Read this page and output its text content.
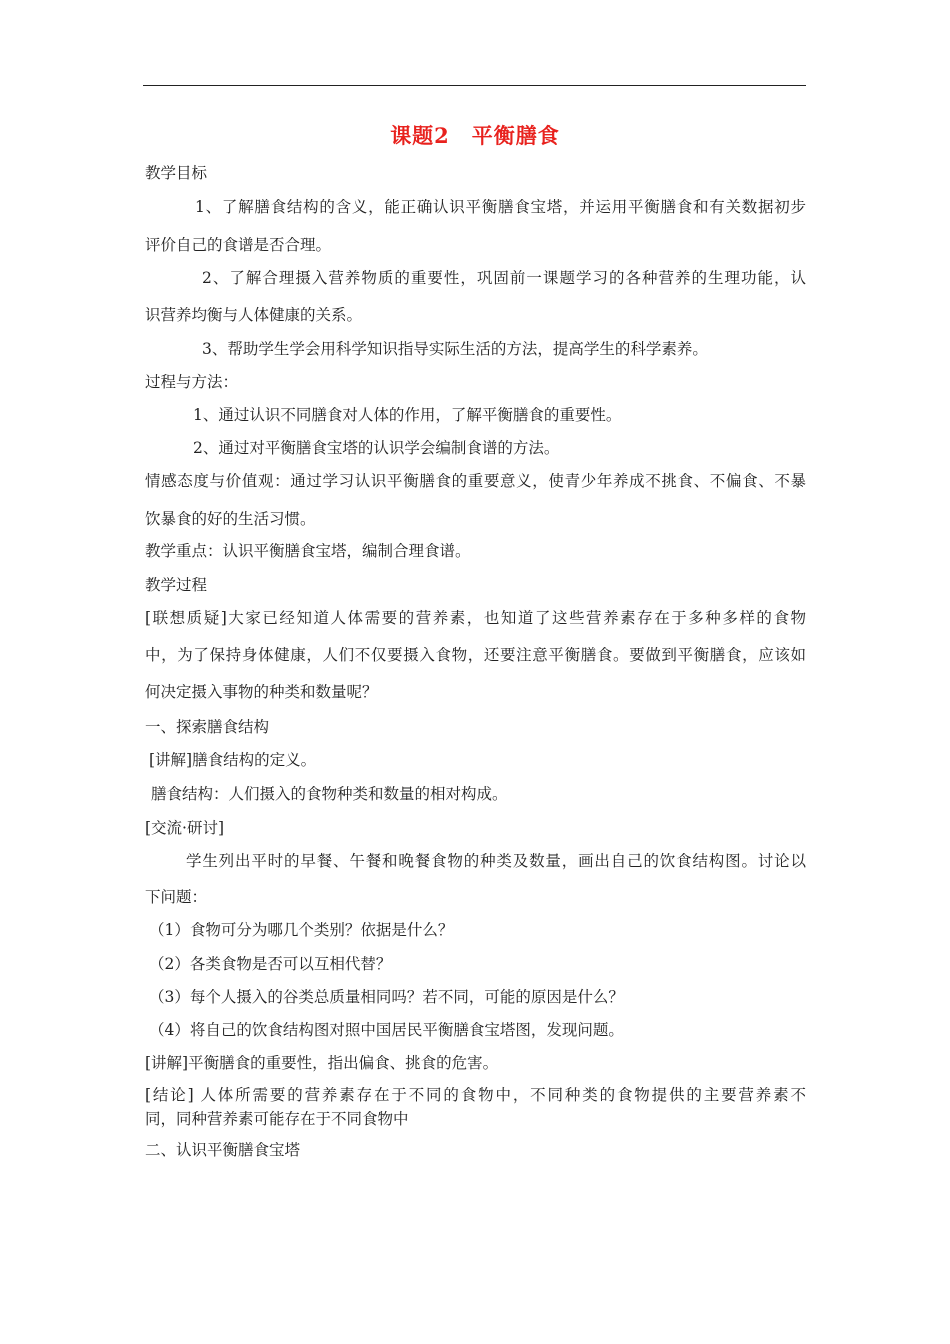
课题2　平衡膳食
教学目标
1、了解膳食结构的含义，能正确认识平衡膳食宝塔，并运用平衡膳食和有关数据初步
评价自己的食谱是否合理。
2、了解合理摄入营养物质的重要性，巩固前一课题学习的各种营养的生理功能，认
识营养均衡与人体健康的关系。
3、帮助学生学会用科学知识指导实际生活的方法，提高学生的科学素养。
过程与方法：
1、通过认识不同膳食对人体的作用，了解平衡膳食的重要性。
2、通过对平衡膳食宝塔的认识学会编制食谱的方法。
情感态度与价值观：通过学习认识平衡膳食的重要意义，使青少年养成不挑食、不偏食、不暴
饮暴食的好的生活习惯。
教学重点：认识平衡膳食宝塔，编制合理食谱。
教学过程
[联想质疑]大家已经知道人体需要的营养素，也知道了这些营养素存在于多种多样的食物
中，为了保持身体健康，人们不仅要摄入食物，还要注意平衡膳食。要做到平衡膳食，应该如
何决定摄入事物的种类和数量呢？
一、探索膳食结构
[讲解]膳食结构的定义。
膳食结构：人们摄入的食物种类和数量的相对构成。
[交流·研讨]
学生列出平时的早餐、午餐和晚餐食物的种类及数量，画出自己的饮食结构图。讨论以
下问题：
（1）食物可分为哪几个类别？依据是什么？
（2）各类食物是否可以互相代替？
（3）每个人摄入的谷类总质量相同吗？若不同，可能的原因是什么？
（4）将自己的饮食结构图对照中国居民平衡膳食宝塔图，发现问题。
[讲解]平衡膳食的重要性，指出偏食、挑食的危害。
[结论] 人体所需要的营养素存在于不同的食物中，不同种类的食物提供的主要营养素不
同，同种营养素可能存在于不同食物中
二、认识平衡膳食宝塔
